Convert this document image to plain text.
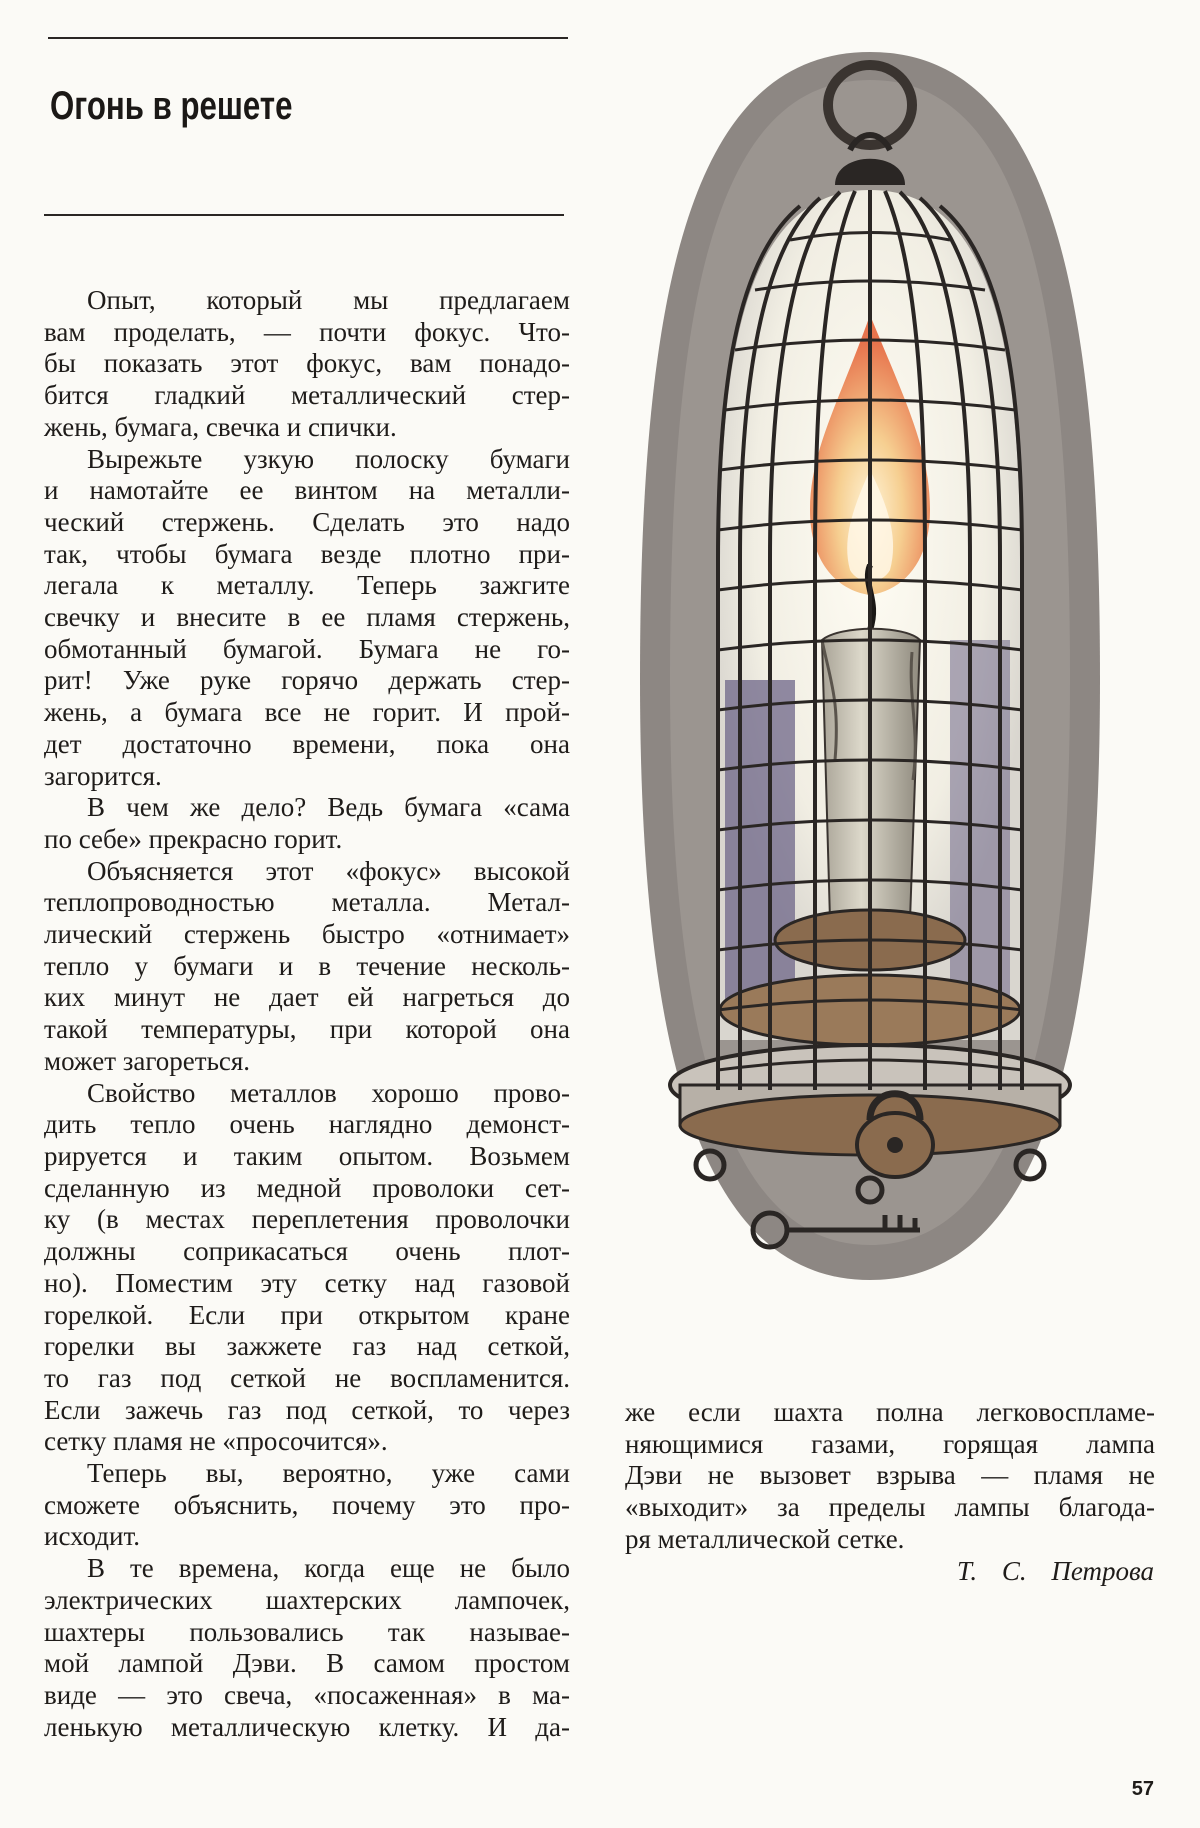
Огонь в решете

Опыт, который мы предлагаем

вам проделать, — почти фокус. Что-

бы показать этот фокус, вам понадо-

бится гладкий металлический стер-

жень, бумага, свечка и спички.

Вырежьте узкую полоску бумаги

и намотайте ее винтом на металли-

ческий стержень. Сделать это надо

так, чтобы бумага везде плотно при-

легала к металлу. Теперь зажгите

свечку и внесите в ее пламя стержень,

обмотанный бумагой. Бумага не го-

рит! Уже руке горячо держать стер-

жень, а бумага все не горит. И прой-

дет достаточно времени, пока она

загорится.

В чем же дело? Ведь бумага «сама

по себе» прекрасно горит.

Объясняется этот «фокус» высокой

теплопроводностью металла. Метал-

лический стержень быстро «отнимает»

тепло у бумаги и в течение несколь-

ких минут не дает ей нагреться до

такой температуры, при которой она

может загореться.

Свойство металлов хорошо прово-

дить тепло очень наглядно демонст-

рируется и таким опытом. Возьмем

сделанную из медной проволоки сет-

ку (в местах переплетения проволочки

должны соприкасаться очень плот-

но). Поместим эту сетку над газовой

горелкой. Если при открытом кране

горелки вы зажжете газ над сеткой,

то газ под сеткой не воспламенится.

Если зажечь газ под сеткой, то через

сетку пламя не «просочится».

Теперь вы, вероятно, уже сами

сможете объяснить, почему это про-

исходит.

В те времена, когда еще не было

электрических шахтерских лампочек,

шахтеры пользовались так называе-

мой лампой Дэви. В самом простом

виде — это свеча, «посаженная» в ма-

ленькую металлическую клетку. И да-

же если шахта полна легковоспламе-

няющимися газами, горящая лампа

Дэви не вызовет взрыва — пламя не

«выходит» за пределы лампы благода-

ря металлической сетке.

Т. С. Петрова
57
